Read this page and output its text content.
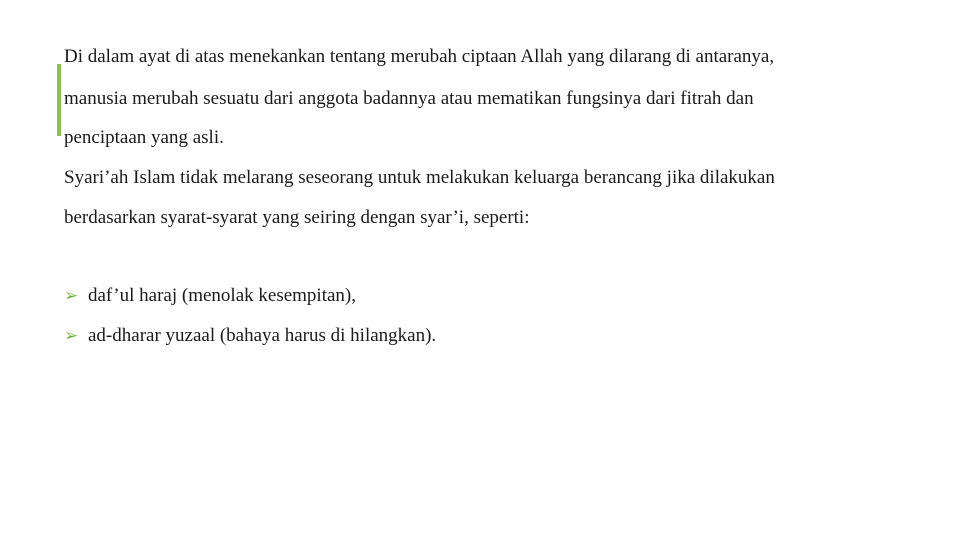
Di dalam ayat di atas menekankan tentang merubah ciptaan Allah yang dilarang di antaranya,

manusia merubah sesuatu dari anggota badannya atau mematikan fungsinya dari fitrah dan

penciptaan yang asli.

Syari’ah Islam tidak melarang seseorang untuk melakukan keluarga berancang jika dilakukan

berdasarkan syarat-syarat yang seiring dengan syar’i, seperti:

➢ daf’ul haraj (menolak kesempitan),
➢ ad-dharar yuzaal (bahaya harus di hilangkan).
